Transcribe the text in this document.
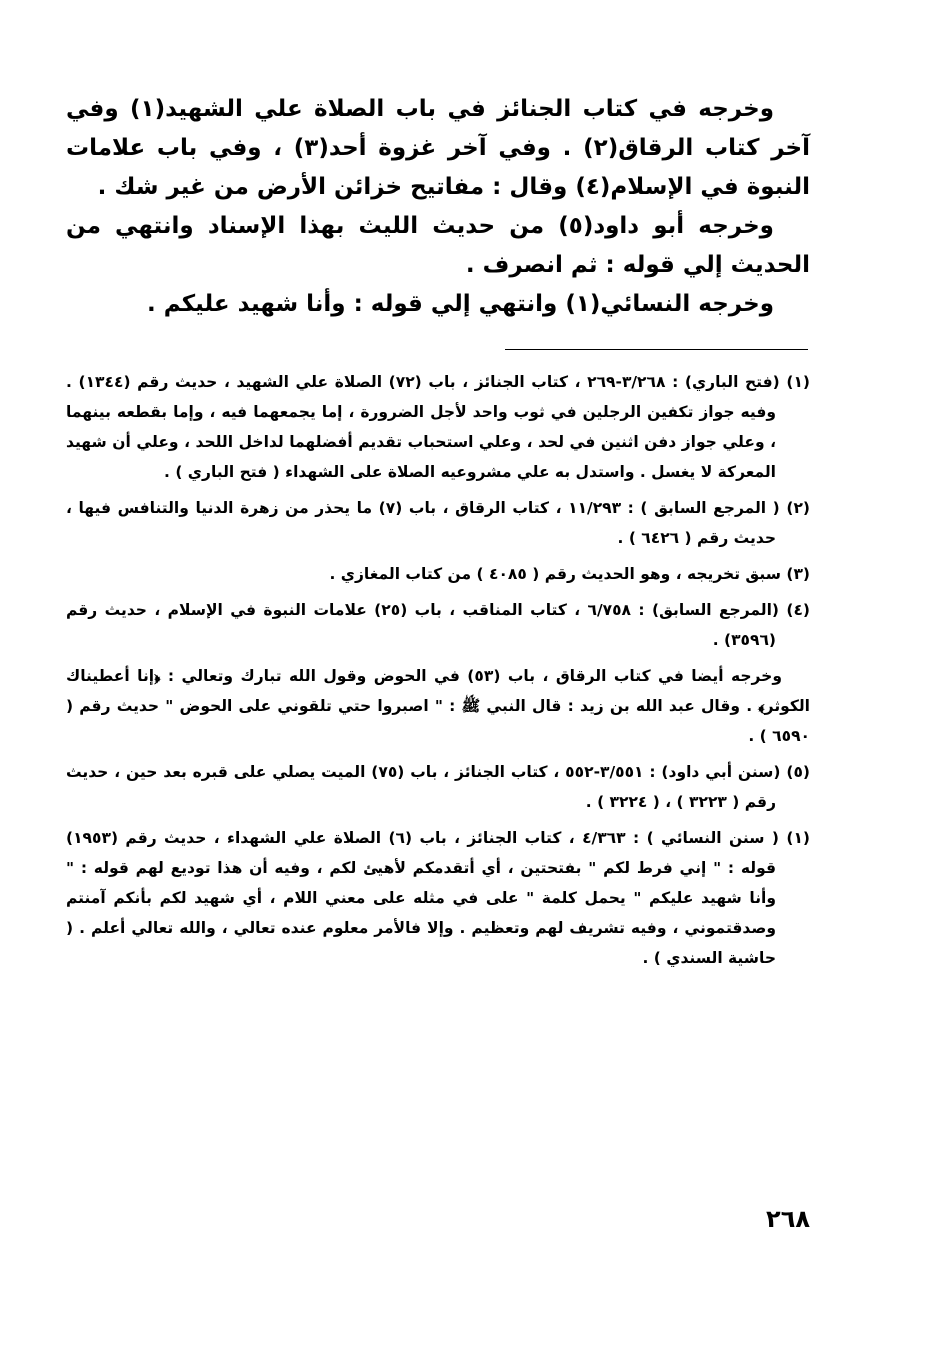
وخرجه في كتاب الجنائز في باب الصلاة علي الشهيد(١) وفي آخر كتاب الرقاق(٢) . وفي آخر غزوة أحد(٣) ، وفي باب علامات النبوة في الإسلام(٤) وقال : مفاتيح خزائن الأرض من غير شك .

وخرجه أبو داود(٥) من حديث الليث بهذا الإسناد وانتهي من الحديث إلي قوله : ثم انصرف .

وخرجه النسائي(١) وانتهي إلي قوله : وأنا شهيد عليكم .

(١) (فتح الباري) : ٣/٢٦٨-٢٦٩ ، كتاب الجنائز ، باب (٧٢) الصلاة علي الشهيد ، حديث رقم (١٣٤٤) . وفيه جواز تكفين الرجلين في ثوب واحد لأجل الضرورة ، إما يجمعهما فيه ، وإما بقطعه بينهما ، وعلي جواز دفن اثنين في لحد ، وعلي استحباب تقديم أفضلهما لداخل اللحد ، وعلي أن شهيد المعركة لا يغسل . واستدل به علي مشروعيه الصلاة على الشهداء ( فتح الباري ) .

(٢) ( المرجع السابق ) : ١١/٢٩٣ ، كتاب الرقاق ، باب (٧) ما يحذر من زهرة الدنيا والتنافس فيها ، حديث رقم ( ٦٤٢٦ ) .

(٣) سبق تخريجه ، وهو الحديث رقم ( ٤٠٨٥ ) من كتاب المغازي .

(٤) (المرجع السابق) : ٦/٧٥٨ ، كتاب المناقب ، باب (٢٥) علامات النبوة في الإسلام ، حديث رقم (٣٥٩٦) .

وخرجه أيضا في كتاب الرقاق ، باب (٥٣) في الحوض وقول الله تبارك وتعالي : ﴿إنا أعطيناك الكوثر﴾ . وقال عبد الله بن زيد : قال النبي ﷺ : " اصبروا حتي تلقوني على الحوض " حديث رقم ( ٦٥٩٠ ) .

(٥) (سنن أبي داود) : ٣/٥٥١-٥٥٢ ، كتاب الجنائز ، باب (٧٥) الميت يصلي على قبره بعد حين ، حديث رقم ( ٣٢٢٣ ) ، ( ٣٢٢٤ ) .

(١) ( سنن النسائي ) : ٤/٣٦٣ ، كتاب الجنائز ، باب (٦) الصلاة علي الشهداء ، حديث رقم (١٩٥٣) قوله : " إني فرط لكم " بفتحتين ، أي أتقدمكم لأهيئ لكم ، وفيه أن هذا توديع لهم قوله : " وأنا شهيد عليكم " يحمل كلمة " على في مثله على معني اللام ، أي شهيد لكم بأنكم آمنتم وصدقتموني ، وفيه تشريف لهم وتعظيم . وإلا فالأمر معلوم عنده تعالي ، والله تعالي أعلم . ( حاشية السندي ) .

٢٦٨
